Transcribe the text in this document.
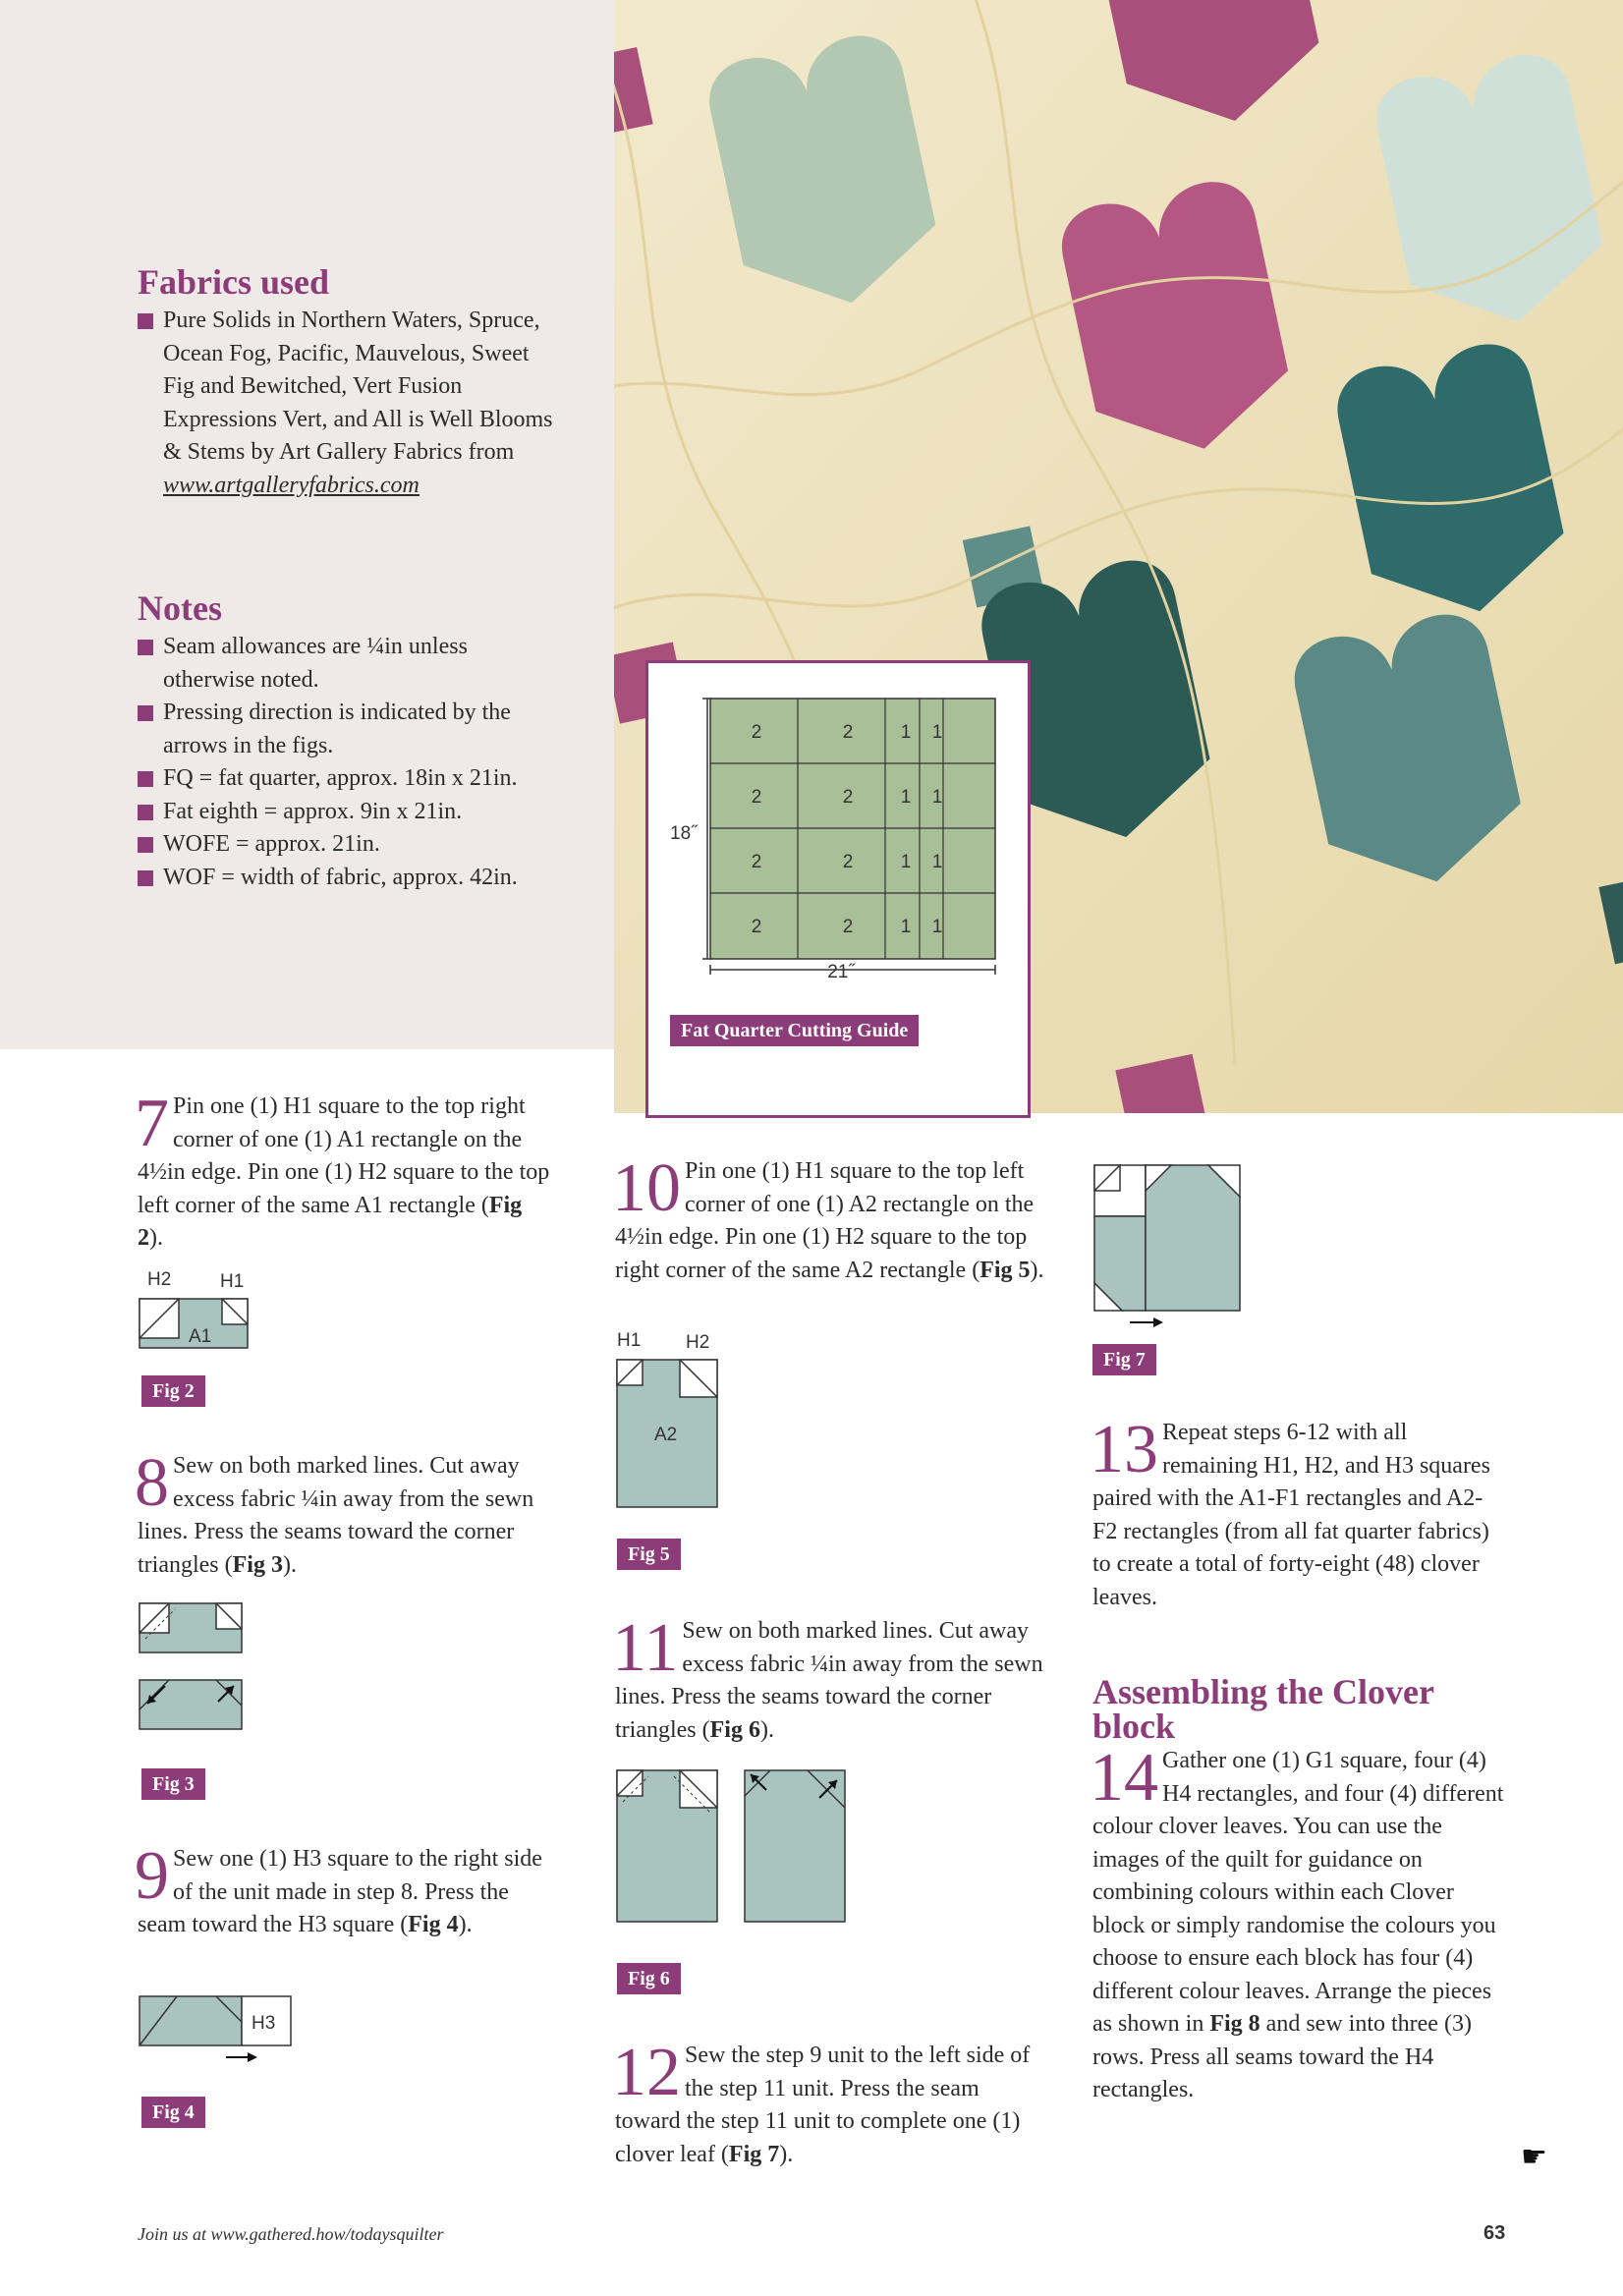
Fabrics used
Pure Solids in Northern Waters, Spruce, Ocean Fog, Pacific, Mauvelous, Sweet Fig and Bewitched, Vert Fusion Expressions Vert, and All is Well Blooms & Stems by Art Gallery Fabrics from www.artgalleryfabrics.com
Notes
Seam allowances are ¼in unless otherwise noted.
Pressing direction is indicated by the arrows in the figs.
FQ = fat quarter, approx. 18in x 21in.
Fat eighth = approx. 9in x 21in.
WOFE = approx. 21in.
WOF = width of fabric, approx. 42in.
18˝
2	2	1 1
2	2	1 1
2	2	1 1
2	2	1 1
21˝
Fat Quarter Cutting Guide
7 Pin one (1) H1 square to the top right corner of one (1) A1 rectangle on the 4½in edge. Pin one (1) H2 square to the top left corner of the same A1 rectangle (Fig 2).
H2	H1
A1
Fig 2
8 Sew on both marked lines. Cut away excess fabric ¼in away from the sewn lines. Press the seams toward the corner triangles (Fig 3).
Fig 3
9 Sew one (1) H3 square to the right side of the unit made in step 8. Press the seam toward the H3 square (Fig 4).
H3
Fig 4
10 Pin one (1) H1 square to the top left corner of one (1) A2 rectangle on the 4½in edge. Pin one (1) H2 square to the top right corner of the same A2 rectangle (Fig 5).
H1 H2
A2
Fig 5
11 Sew on both marked lines. Cut away excess fabric ¼in away from the sewn lines. Press the seams toward the corner triangles (Fig 6).
Fig 6
12 Sew the step 9 unit to the left side of the step 11 unit. Press the seam toward the step 11 unit to complete one (1) clover leaf (Fig 7).
Fig 7
13 Repeat steps 6-12 with all remaining H1, H2, and H3 squares paired with the A1-F1 rectangles and A2-F2 rectangles (from all fat quarter fabrics) to create a total of forty-eight (48) clover leaves.
Assembling the Clover block
14 Gather one (1) G1 square, four (4) H4 rectangles, and four (4) different colour clover leaves. You can use the images of the quilt for guidance on combining colours within each Clover block or simply randomise the colours you choose to ensure each block has four (4) different colour leaves. Arrange the pieces as shown in Fig 8 and sew into three (3) rows. Press all seams toward the H4 rectangles.
☛
Join us at www.gathered.how/todaysquilter	63
